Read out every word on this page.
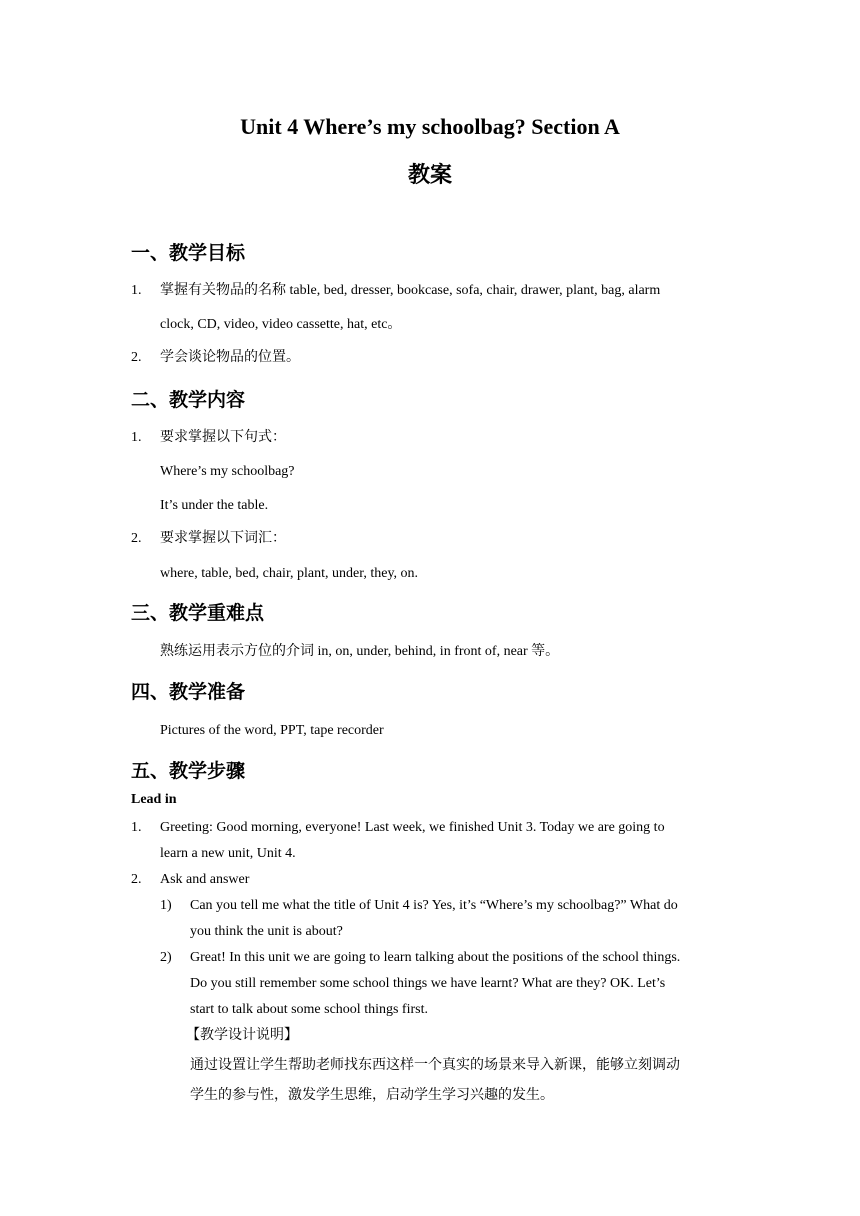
Unit 4 Where’s my schoolbag? Section A
教案
一、教学目标
1. 掌握有关物品的名称 table, bed, dresser, bookcase, sofa, chair, drawer, plant, bag, alarm
clock, CD, video, video cassette, hat, etc。
2. 学会谈论物品的位置。
二、教学内容
1. 要求掌握以下句式：
Where’s my schoolbag?
It’s under the table.
2. 要求掌握以下词汇：
where, table, bed, chair, plant, under, they, on.
三、教学重难点
熟练运用表示方位的介词 in, on, under, behind, in front of, near 等。
四、教学准备
Pictures of the word, PPT, tape recorder
五、教学步骤
Lead in
1. Greeting: Good morning, everyone! Last week, we finished Unit 3. Today we are going to
learn a new unit, Unit 4.
2. Ask and answer
1) Can you tell me what the title of Unit 4 is? Yes, it’s “Where’s my schoolbag?” What do
you think the unit is about?
2) Great! In this unit we are going to learn talking about the positions of the school things.
Do you still remember some school things we have learnt? What are they? OK. Let’s
start to talk about some school things first.
【教学设计说明】
通过设置让学生帮助老师找东西这样一个真实的场景来导入新课，能够立刻调动
学生的参与性，激发学生思维，启动学生学习兴趣的发生。
